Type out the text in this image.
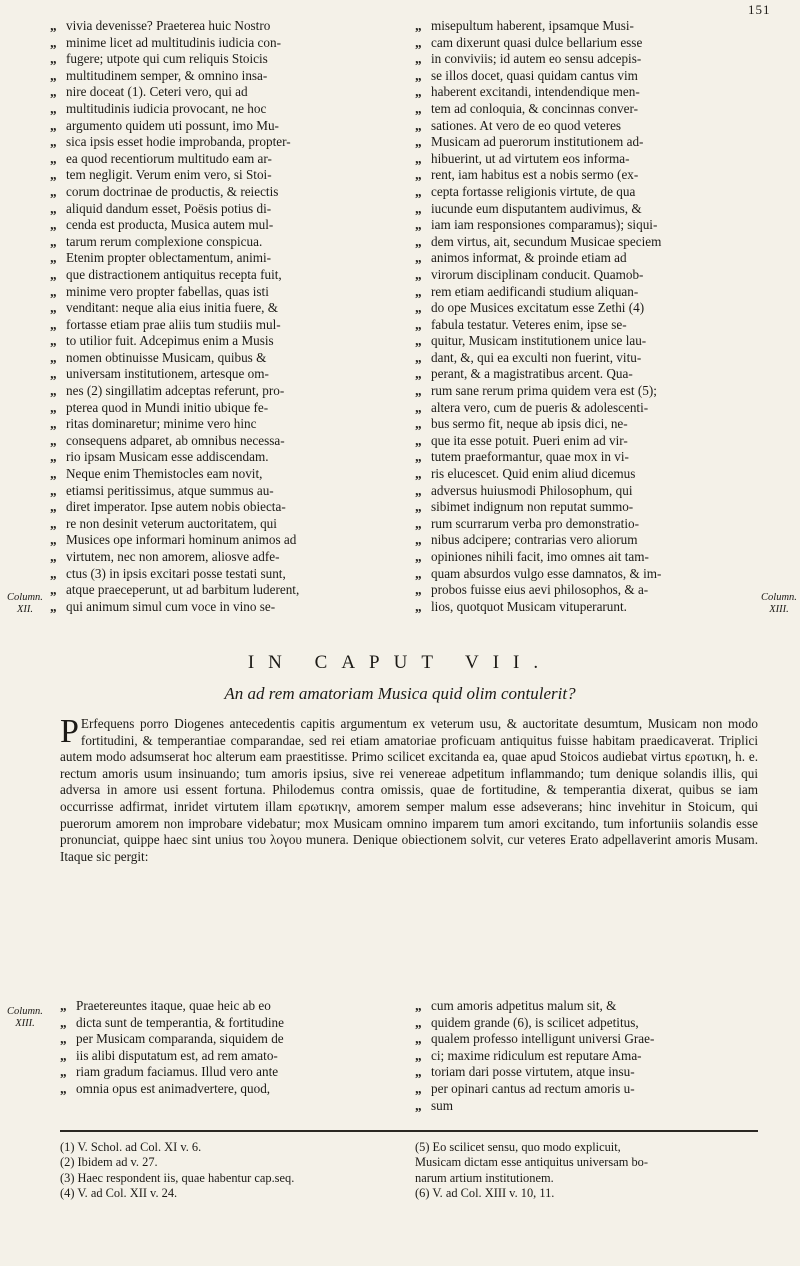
151
„ vivia devenisse? Praeterea huic Nostro
„ minime licet ad multitudinis iudicia con-
„ fugere; utpote qui cum reliquis Stoicis
„ multitudinem semper, & omnino insa-
„ nire doceat (1). Ceteri vero, qui ad
„ multitudinis iudicia provocant, ne hoc
„ argumento quidem uti possunt, imo Mu-
„ sica ipsis esset hodie improbanda, propter-
„ ea quod recentiorum multitudo eam ar-
„ tem negligit. Verum enim vero, si Stoi-
„ corum doctrinae de productis, & reiectis
„ aliquid dandum esset, Poësis potius di-
„ cenda est producta, Musica autem mul-
„ tarum rerum complexione conspicua.
„ Etenim propter oblectamentum, animi-
„ que distractionem antiquitus recepta fuit,
„ minime vero propter fabellas, quas isti
„ venditant: neque alia eius initia fuere, &
„ fortasse etiam prae aliis tum studiis mul-
„ to utilior fuit. Adcepimus enim a Musis
„ nomen obtinuisse Musicam, quibus &
„ universam institutionem, artesque om-
„ nes (2) singillatim adceptas referunt, pro-
„ pterea quod in Mundi initio ubique fe-
„ ritas dominaretur; minime vero hinc
„ consequens adparet, ab omnibus necessa-
„ rio ipsam Musicam esse addiscendam.
„ Neque enim Themistocles eam novit,
„ etiamsi peritissimus, atque summus au-
„ diret imperator. Ipse autem nobis obiecta-
„ re non desinit veterum auctoritatem, qui
„ Musices ope informari hominum animos ad
„ virtutem, nec non amorem, aliosve adfe-
„ ctus (3) in ipsis excitari posse testati sunt,
„ atque praeceperunt, ut ad barbitum luderent,
„ qui animum simul cum voce in vino se-
„ misepultum haberent, ipsamque Musi-
„ cam dixerunt quasi dulce bellarium esse
„ in conviviis; id autem eo sensu adcepis-
„ se illos docet, quasi quidam cantus vim
„ haberent excitandi, intendendique men-
„ tem ad conloquia, & concinnas conver-
„ sationes. At vero de eo quod veteres
„ Musicam ad puerorum institutionem ad-
„ hibuerint, ut ad virtutem eos informa-
„ rent, iam habitus est a nobis sermo (ex-
„ cepta fortasse religionis virtute, de qua
„ iucunde eum disputantem audivimus, &
„ iam iam responsiones comparamus); siqui-
„ dem virtus, ait, secundum Musicae speciem
„ animos informat, & proinde etiam ad
„ virorum disciplinam conducit. Quamob-
„ rem etiam aedificandi studium aliquan-
„ do ope Musices excitatum esse Zethi (4)
„ fabula testatur. Veteres enim, ipse se-
„ quitur, Musicam institutionem unice lau-
„ dant, &, qui ea exculti non fuerint, vitu-
„ perant, & a magistratibus arcent. Qua-
„ rum sane rerum prima quidem vera est (5);
„ altera vero, cum de pueris & adolescenti-
„ bus sermo fit, neque ab ipsis dici, ne-
„ que ita esse potuit. Pueri enim ad vir-
„ tutem praeformantur, quae mox in vi-
„ ris elucescet. Quid enim aliud dicemus
„ adversus huiusmodi Philosophum, qui
„ sibimet indignum non reputat summo-
„ rum scurrarum verba pro demonstratio-
„ nibus adcipere; contrarias vero aliorum
„ opiniones nihili facit, imo omnes ait tam-
„ quam absurdos vulgo esse damnatos, & im-
„ probos fuisse eius aevi philosophos, & a-
„ lios, quotquot Musicam vituperarunt.
Column. XII.
Column. XIII.
Column. XIII.
IN CAPUT VII.
An ad rem amatoriam Musica quid olim contulerit?
P Erfequens porro Diogenes antecedentis capitis argumentum ex veterum usu, & auctoritate desumtum, Musicam non modo fortitudini, & temperantiae comparandae, sed rei etiam amatoriae proficuam antiquitus fuisse habitam praedicaverat. Triplici autem modo adsumserat hoc alterum eam praestitisse. Primo scilicet excitanda ea, quae apud Stoicos audiebat virtus ερωτικη, h. e. rectum amoris usum insinuando; tum amoris ipsius, sive rei venereae adpetitum inflammando; tum denique solandis illis, qui adversa in amore usi essent fortuna. Philodemus contra omissis, quae de fortitudine, & temperantia dixerat, quibus se iam occurrisse adfirmat, inridet virtutem illam ερωτικην, amorem semper malum esse adseverans; hinc invehitur in Stoicum, qui puerorum amorem non improbare videbatur; mox Musicam omnino imparem tum amori excitando, tum infortuniis solandis esse pronunciat, quippe haec sint unius του λογου munera. Denique obiectionem solvit, cur veteres Erato adpellaverint amoris Musam. Itaque sic pergit:
„ Praetereuntes itaque, quae heic ab eo
„ dicta sunt de temperantia, & fortitudine
„ per Musicam comparanda, siquidem de
„ iis alibi disputatum est, ad rem amato-
„ riam gradum faciamus. Illud vero ante
„ omnia opus est animadvertere, quod,
„ cum amoris adpetitus malum sit, &
„ quidem grande (6), is scilicet adpetitus,
„ qualem professo intelligunt universi Grae-
„ ci; maxime ridiculum est reputare Ama-
„ toriam dari posse virtutem, atque insu-
„ per opinari cantus ad rectum amoris u-
„ sum
(1) V. Schol. ad Col. XI v. 6.
(2) Ibidem ad v. 27.
(3) Haec respondent iis, quae habentur cap.seq.
(4) V. ad Col. XII v. 24.
(5) Eo scilicet sensu, quo modo explicuit,
Musicam dictam esse antiquitus universam bo-
narum artium institutionem.
(6) V. ad Col. XIII v. 10, 11.
